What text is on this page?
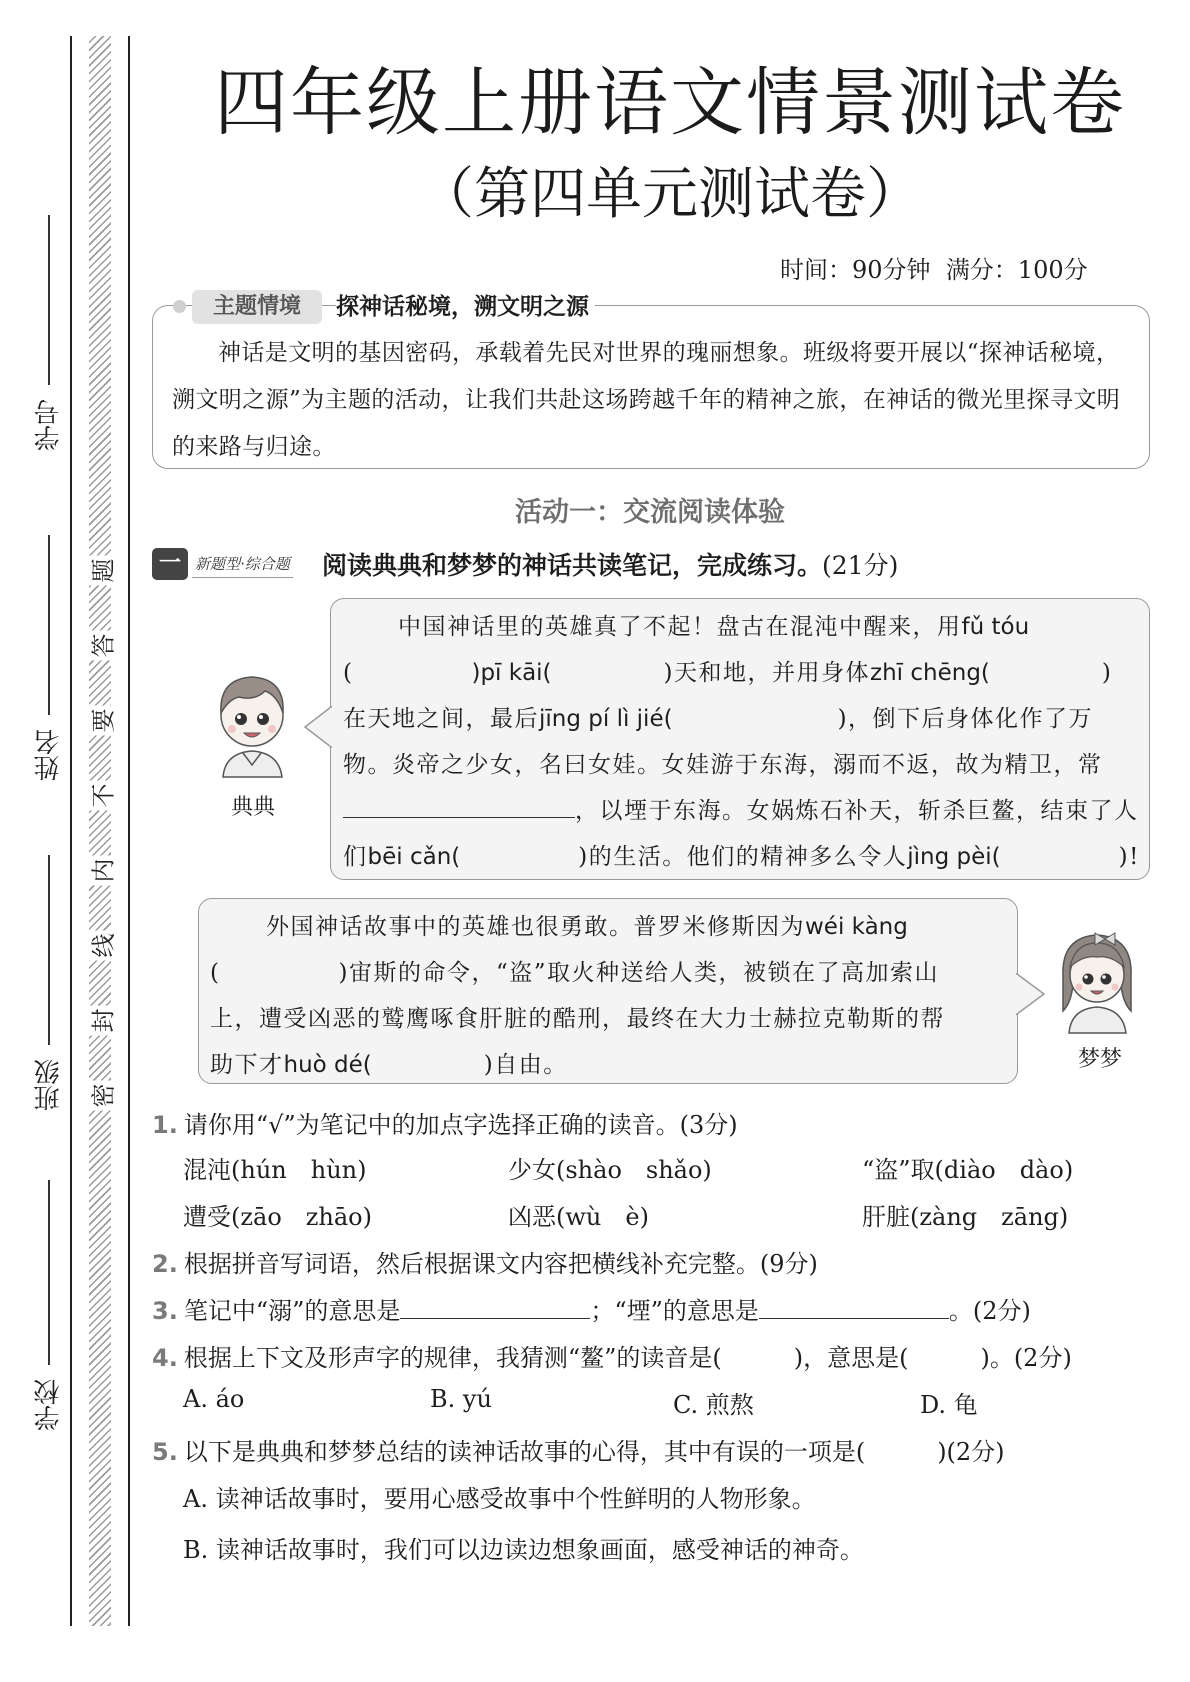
学号
姓名
班级
学校
题
答
要
不
内
线
封
密
四年级上册语文情景测试卷
（第四单元测试卷）
时间：90分钟 满分：100分
主题情境	探神话秘境，溯文明之源

神话是文明的基因密码，承载着先民对世界的瑰丽想象。班级将要开展以“探神话秘境，溯文明之源”为主题的活动，让我们共赴这场跨越千年的精神之旅，在神话的微光里探寻文明的来路与归途。

活动一：交流阅读体验
一 新题型·综合题 阅读典典和梦梦的神话共读笔记，完成练习。(21分)
中国神话里的英雄真了不起！盘古在混沌中醒来，用fǔ tóu
(	)pī kāi(	)天和地，并用身体zhī chēng(	)
在天地之间，最后jīng pí lì jié(	)，倒下后身体化作了万
物。炎帝之少女，名曰女娃。女娃游于东海，溺而不返，故为精卫，常
，以堙于东海。女娲炼石补天，斩杀巨鳌，结束了人
们bēi cǎn(	)的生活。他们的精神多么令人jìng pèi(	)!
典典
外国神话故事中的英雄也很勇敢。普罗米修斯因为wéi kàng
(	)宙斯的命令，“盗”取火种送给人类，被锁在了高加索山
上，遭受凶恶的鹫鹰啄食肝脏的酷刑，最终在大力士赫拉克勒斯的帮
助下才huò dé(	)自由。	梦梦
1. 请你用“√”为笔记中的加点字选择正确的读音。(3分)
混沌(hún　hùn)	少女(shào　shǎo)	“盗”取(diào　dào)
遭受(zāo　zhāo)	凶恶(wù　è)	肝脏(zàng　zāng)
2. 根据拼音写词语，然后根据课文内容把横线补充完整。(9分)
3. 笔记中“溺”的意思是	；“堙”的意思是	。(2分)
4. 根据上下文及形声字的规律，我猜测“鳌”的读音是(　　　)，意思是(　　　)。(2分)
A. áo	B. yú	C. 煎熬	D. 龟
5. 以下是典典和梦梦总结的读神话故事的心得，其中有误的一项是(　　　)(2分)
A. 读神话故事时，要用心感受故事中个性鲜明的人物形象。
B. 读神话故事时，我们可以边读边想象画面，感受神话的神奇。
